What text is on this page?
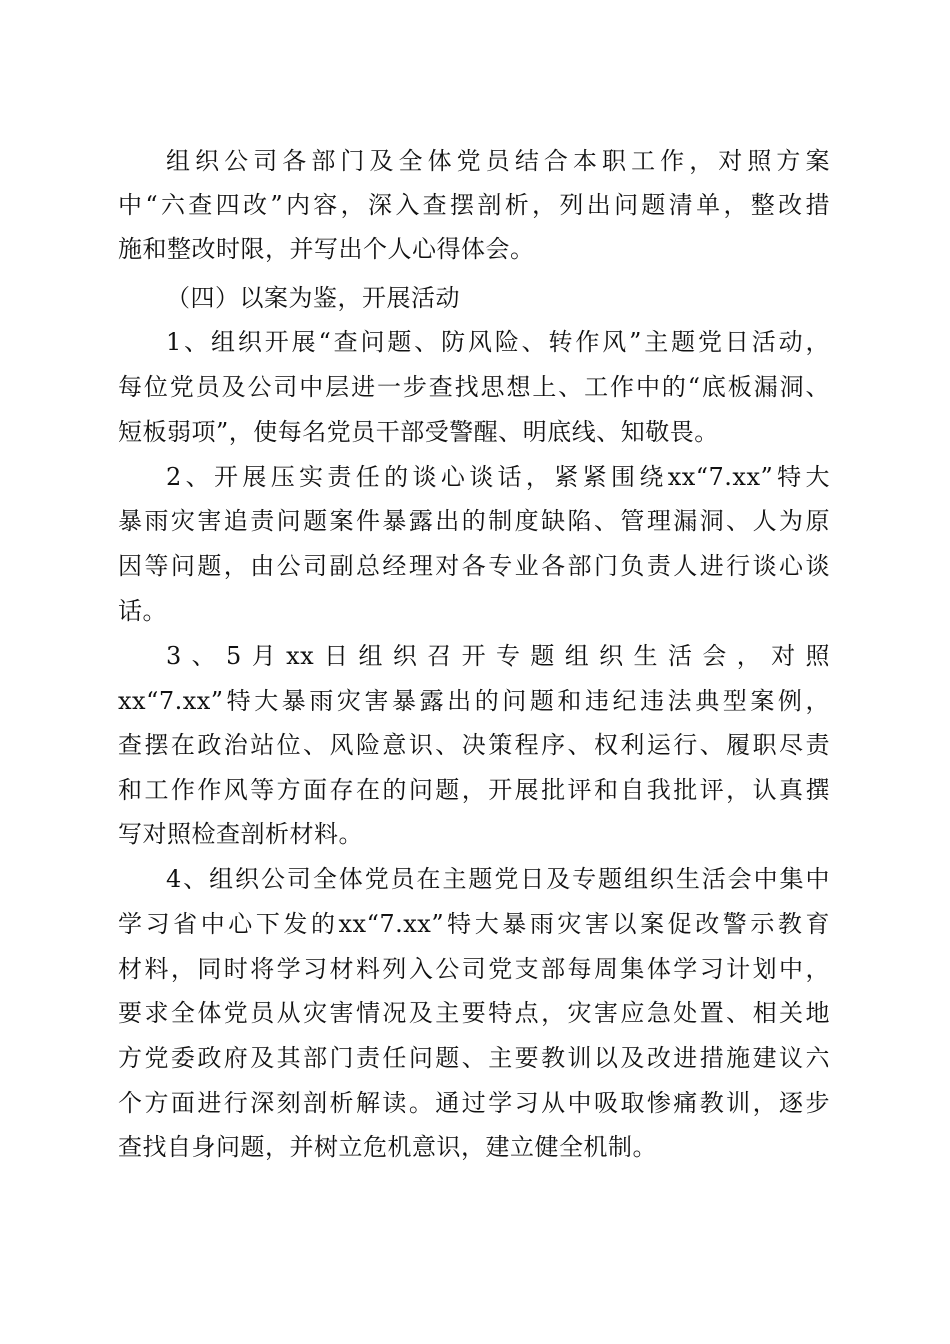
组织公司各部门及全体党员结合本职工作，对照方案
中“六查四改”内容，深入查摆剖析，列出问题清单，整改措
施和整改时限，并写出个人心得体会。
（四）以案为鉴，开展活动
1、组织开展“查问题、防风险、转作风”主题党日活动，
每位党员及公司中层进一步查找思想上、工作中的“底板漏洞、
短板弱项”，使每名党员干部受警醒、明底线、知敬畏。
2、开展压实责任的谈心谈话，紧紧围绕xx“7.xx”特大
暴雨灾害追责问题案件暴露出的制度缺陷、管理漏洞、人为原
因等问题，由公司副总经理对各专业各部门负责人进行谈心谈
话。
3、5月xx日组织召开专题组织生活会，对照
xx“7.xx”特大暴雨灾害暴露出的问题和违纪违法典型案例，
查摆在政治站位、风险意识、决策程序、权利运行、履职尽责
和工作作风等方面存在的问题，开展批评和自我批评，认真撰
写对照检查剖析材料。
4、组织公司全体党员在主题党日及专题组织生活会中集中
学习省中心下发的xx“7.xx”特大暴雨灾害以案促改警示教育
材料，同时将学习材料列入公司党支部每周集体学习计划中，
要求全体党员从灾害情况及主要特点，灾害应急处置、相关地
方党委政府及其部门责任问题、主要教训以及改进措施建议六
个方面进行深刻剖析解读。通过学习从中吸取惨痛教训，逐步
查找自身问题，并树立危机意识，建立健全机制。
